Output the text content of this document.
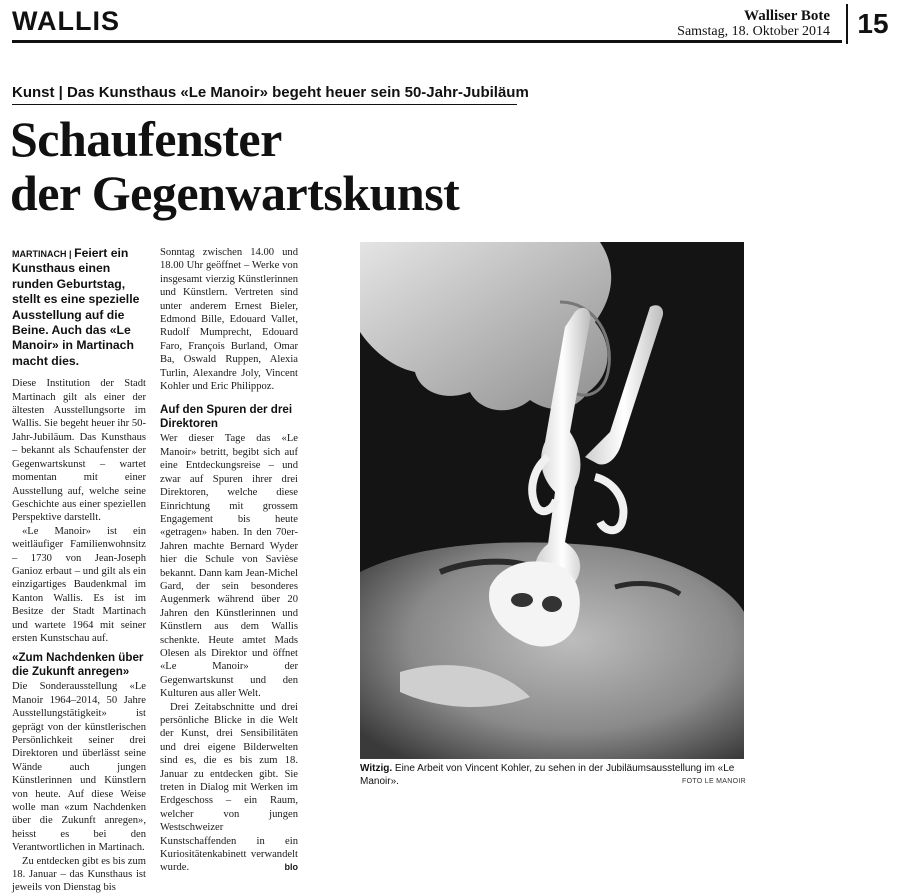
WALLIS	Walliser Bote
Samstag, 18. Oktober 2014 15
Kunst | Das Kunsthaus «Le Manoir» begeht heuer sein 50-Jahr-Jubiläum
Schaufenster
der Gegenwartskunst
MARTINACH | Feiert ein Kunsthaus einen runden Geburtstag, stellt es eine spezielle Ausstellung auf die Beine. Auch das «Le Manoir» in Martinach macht dies.

Diese Institution der Stadt Martinach gilt als einer der ältesten Ausstellungsorte im Wallis. Sie begeht heuer ihr 50-Jahr-Jubiläum. Das Kunsthaus – bekannt als Schaufenster der Gegenwartskunst – wartet momentan mit einer Ausstellung auf, welche seine Geschichte aus einer speziellen Perspektive darstellt.

«Le Manoir» ist ein weitläufiger Familienwohnsitz – 1730 von Jean-Joseph Ganioz erbaut – und gilt als ein einzigartiges Baudenkmal im Kanton Wallis. Es ist im Besitze der Stadt Martinach und wartete 1964 mit seiner ersten Kunstschau auf.

«Zum Nachdenken über die Zukunft anregen»

Die Sonderausstellung «Le Manoir 1964–2014, 50 Jahre Ausstellungstätigkeit» ist geprägt von der künstlerischen Persönlichkeit seiner drei Direktoren und überlässt seine Wände auch jungen Künstlerinnen und Künstlern von heute. Auf diese Weise wolle man «zum Nachdenken über die Zukunft anregen», heisst es bei den Verantwortlichen in Martinach.

Zu entdecken gibt es bis zum 18. Januar – das Kunsthaus ist jeweils von Dienstag bis

Sonntag zwischen 14.00 und 18.00 Uhr geöffnet – Werke von insgesamt vierzig Künstlerinnen und Künstlern. Vertreten sind unter anderem Ernest Bieler, Edmond Bille, Edouard Vallet, Rudolf Mumprecht, Edouard Faro, François Burland, Omar Ba, Oswald Ruppen, Alexia Turlin, Alexandre Joly, Vincent Kohler und Eric Philippoz.

Auf den Spuren der drei Direktoren

Wer dieser Tage das «Le Manoir» betritt, begibt sich auf eine Entdeckungsreise – und zwar auf Spuren ihrer drei Direktoren, welche diese Einrichtung mit grossem Engagement bis heute «getragen» haben. In den 70er-Jahren machte Bernard Wyder hier die Schule von Savièse bekannt. Dann kam Jean-Michel Gard, der sein besonderes Augenmerk während über 20 Jahren den Künstlerinnen und Künstlern aus dem Wallis schenkte. Heute amtet Mads Olesen als Direktor und öffnet «Le Manoir» der Gegenwartskunst und den Kulturen aus aller Welt.

Drei Zeitabschnitte und drei persönliche Blicke in die Welt der Kunst, drei Sensibilitäten und drei eigene Bilderwelten sind es, die es bis zum 18. Januar zu entdecken gibt. Sie treten in Dialog mit Werken im Erdgeschoss – ein Raum, welcher von jungen Westschweizer Kunstschaffenden in ein Kuriositätenkabinett verwandelt wurde.	blo

Witzig. Eine Arbeit von Vincent Kohler, zu sehen in der Jubiläumsausstellung im «Le Manoir».	FOTO LE MANOIR
